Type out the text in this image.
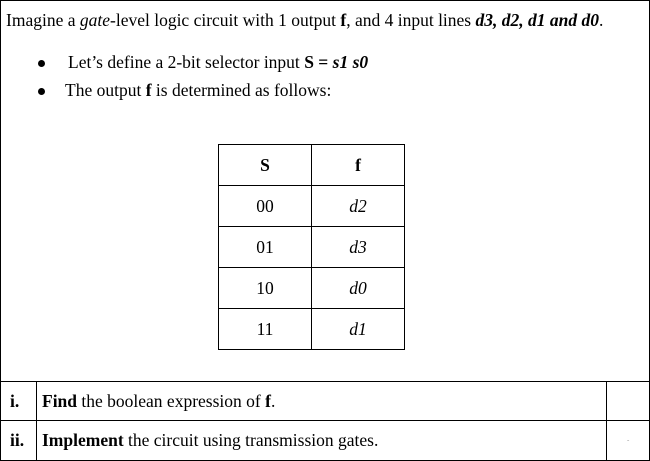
Imagine a gate-level logic circuit with 1 output f, and 4 input lines d3, d2, d1 and d0.
Let’s define a 2-bit selector input S = s1 s0
The output f is determined as follows:
S	f
00	d2
01	d3
10	d0
11	d1
i. Find the boolean expression of f.
ii. Implement the circuit using transmission gates.	-
